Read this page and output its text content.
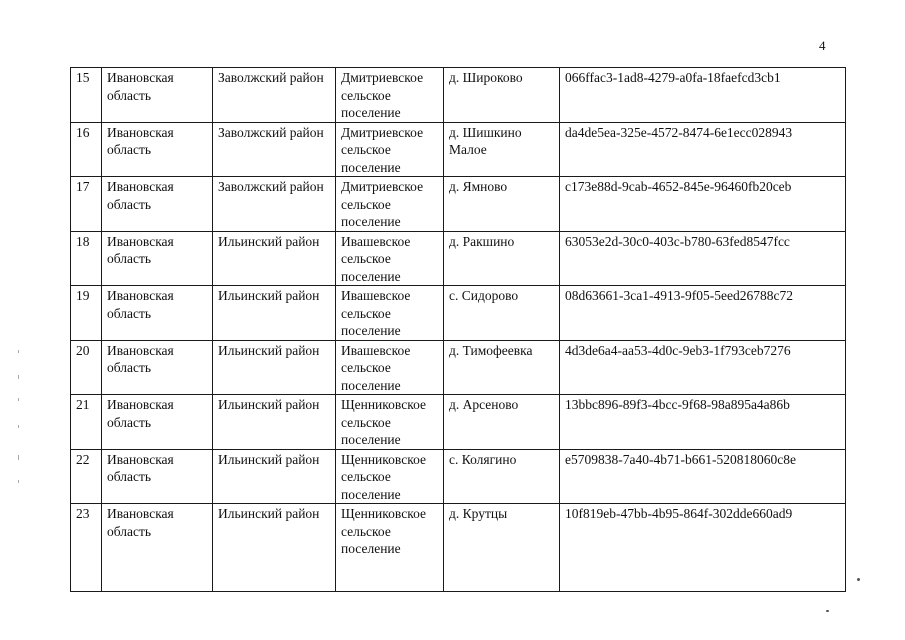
4
15	Ивановская область	Заволжский район	Дмитриевское сельское поселение	д. Широково	066ffac3-1ad8-4279-a0fa-18faefcd3cb1
16	Ивановская область	Заволжский район	Дмитриевское сельское поселение	д. Шишкино Малое	da4de5ea-325e-4572-8474-6e1ecc028943
17	Ивановская область	Заволжский район	Дмитриевское сельское поселение	д. Ямново	c173e88d-9cab-4652-845e-96460fb20ceb
18	Ивановская область	Ильинский район	Ивашевское сельское поселение	д. Ракшино	63053e2d-30c0-403c-b780-63fed8547fcc
19	Ивановская область	Ильинский район	Ивашевское сельское поселение	с. Сидорово	08d63661-3ca1-4913-9f05-5eed26788c72
20	Ивановская область	Ильинский район	Ивашевское сельское поселение	д. Тимофеевка	4d3de6a4-aa53-4d0c-9eb3-1f793ceb7276
21	Ивановская область	Ильинский район	Щенниковское сельское поселение	д. Арсеново	13bbc896-89f3-4bcc-9f68-98a895a4a86b
22	Ивановская область	Ильинский район	Щенниковское сельское поселение	с. Колягино	e5709838-7a40-4b71-b661-520818060c8e
23	Ивановская область	Ильинский район	Щенниковское сельское поселение	д. Крутцы	10f819eb-47bb-4b95-864f-302dde660ad9
